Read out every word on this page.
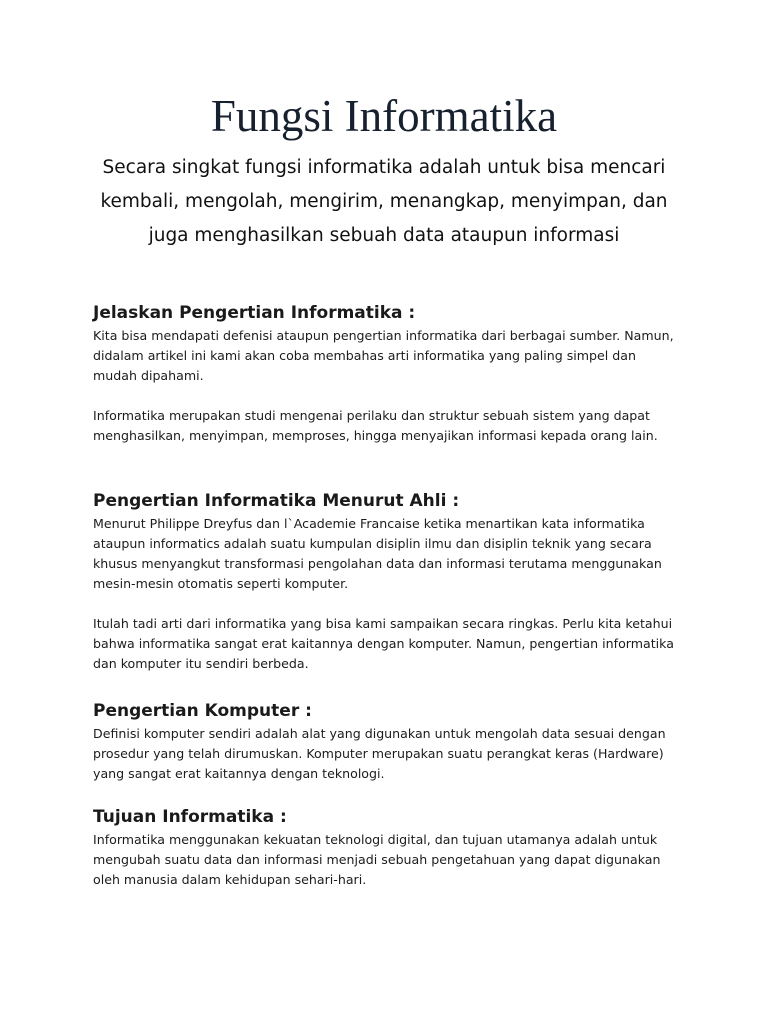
Fungsi Informatika

Secara singkat fungsi informatika adalah untuk bisa mencari kembali, mengolah, mengirim, menangkap, menyimpan, dan juga menghasilkan sebuah data ataupun informasi

Jelaskan Pengertian Informatika :

Kita bisa mendapati defenisi ataupun pengertian informatika dari berbagai sumber. Namun, didalam artikel ini kami akan coba membahas arti informatika yang paling simpel dan mudah dipahami.

Informatika merupakan studi mengenai perilaku dan struktur sebuah sistem yang dapat menghasilkan, menyimpan, memproses, hingga menyajikan informasi kepada orang lain.

Pengertian Informatika Menurut Ahli :

Menurut Philippe Dreyfus dan l`Academie Francaise ketika menartikan kata informatika ataupun informatics adalah suatu kumpulan disiplin ilmu dan disiplin teknik yang secara khusus menyangkut transformasi pengolahan data dan informasi terutama menggunakan mesin-mesin otomatis seperti komputer.

Itulah tadi arti dari informatika yang bisa kami sampaikan secara ringkas. Perlu kita ketahui bahwa informatika sangat erat kaitannya dengan komputer. Namun, pengertian informatika dan komputer itu sendiri berbeda.

Pengertian Komputer :

Definisi komputer sendiri adalah alat yang digunakan untuk mengolah data sesuai dengan prosedur yang telah dirumuskan. Komputer merupakan suatu perangkat keras (Hardware) yang sangat erat kaitannya dengan teknologi.

Tujuan Informatika :

Informatika menggunakan kekuatan teknologi digital, dan tujuan utamanya adalah untuk mengubah suatu data dan informasi menjadi sebuah pengetahuan yang dapat digunakan oleh manusia dalam kehidupan sehari-hari.
